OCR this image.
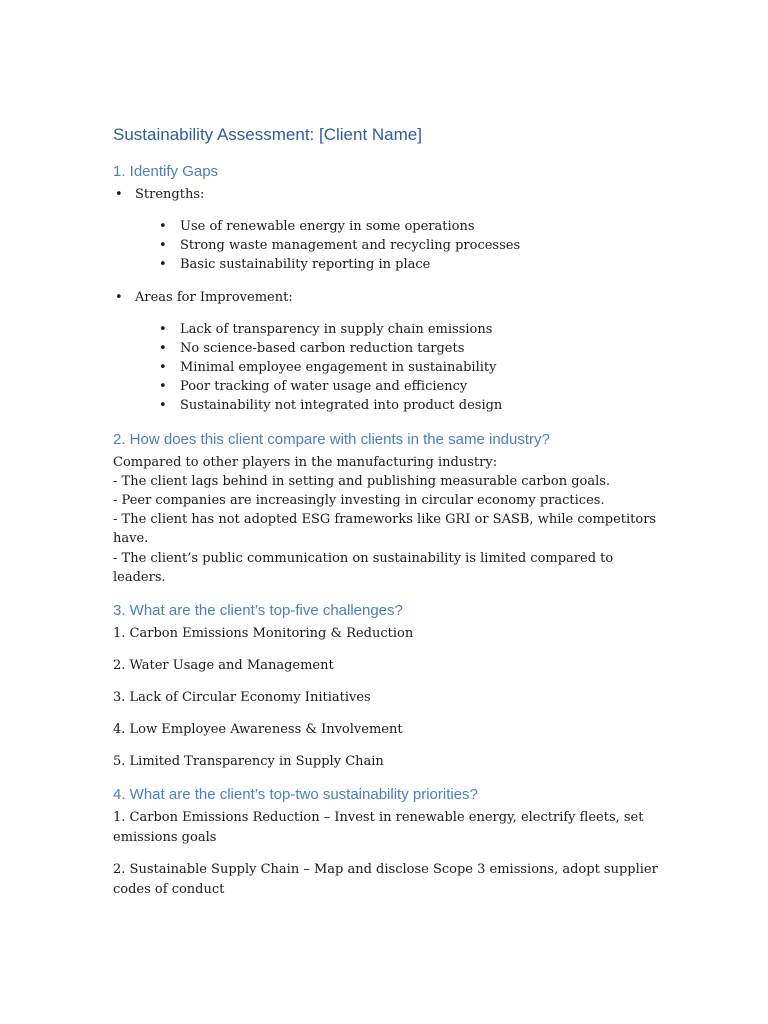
Sustainability Assessment: [Client Name]
1. Identify Gaps
• Strengths:
• Use of renewable energy in some operations
• Strong waste management and recycling processes
• Basic sustainability reporting in place
• Areas for Improvement:
• Lack of transparency in supply chain emissions
• No science-based carbon reduction targets
• Minimal employee engagement in sustainability
• Poor tracking of water usage and efficiency
• Sustainability not integrated into product design
2. How does this client compare with clients in the same industry?

Compared to other players in the manufacturing industry:

- The client lags behind in setting and publishing measurable carbon goals.

- Peer companies are increasingly investing in circular economy practices.

- The client has not adopted ESG frameworks like GRI or SASB, while competitors have.

- The client’s public communication on sustainability is limited compared to leaders.

3. What are the client’s top-five challenges?

1. Carbon Emissions Monitoring & Reduction

2. Water Usage and Management

3. Lack of Circular Economy Initiatives

4. Low Employee Awareness & Involvement

5. Limited Transparency in Supply Chain

4. What are the client’s top-two sustainability priorities?

1. Carbon Emissions Reduction – Invest in renewable energy, electrify fleets, set emissions goals

2. Sustainable Supply Chain – Map and disclose Scope 3 emissions, adopt supplier codes of conduct
